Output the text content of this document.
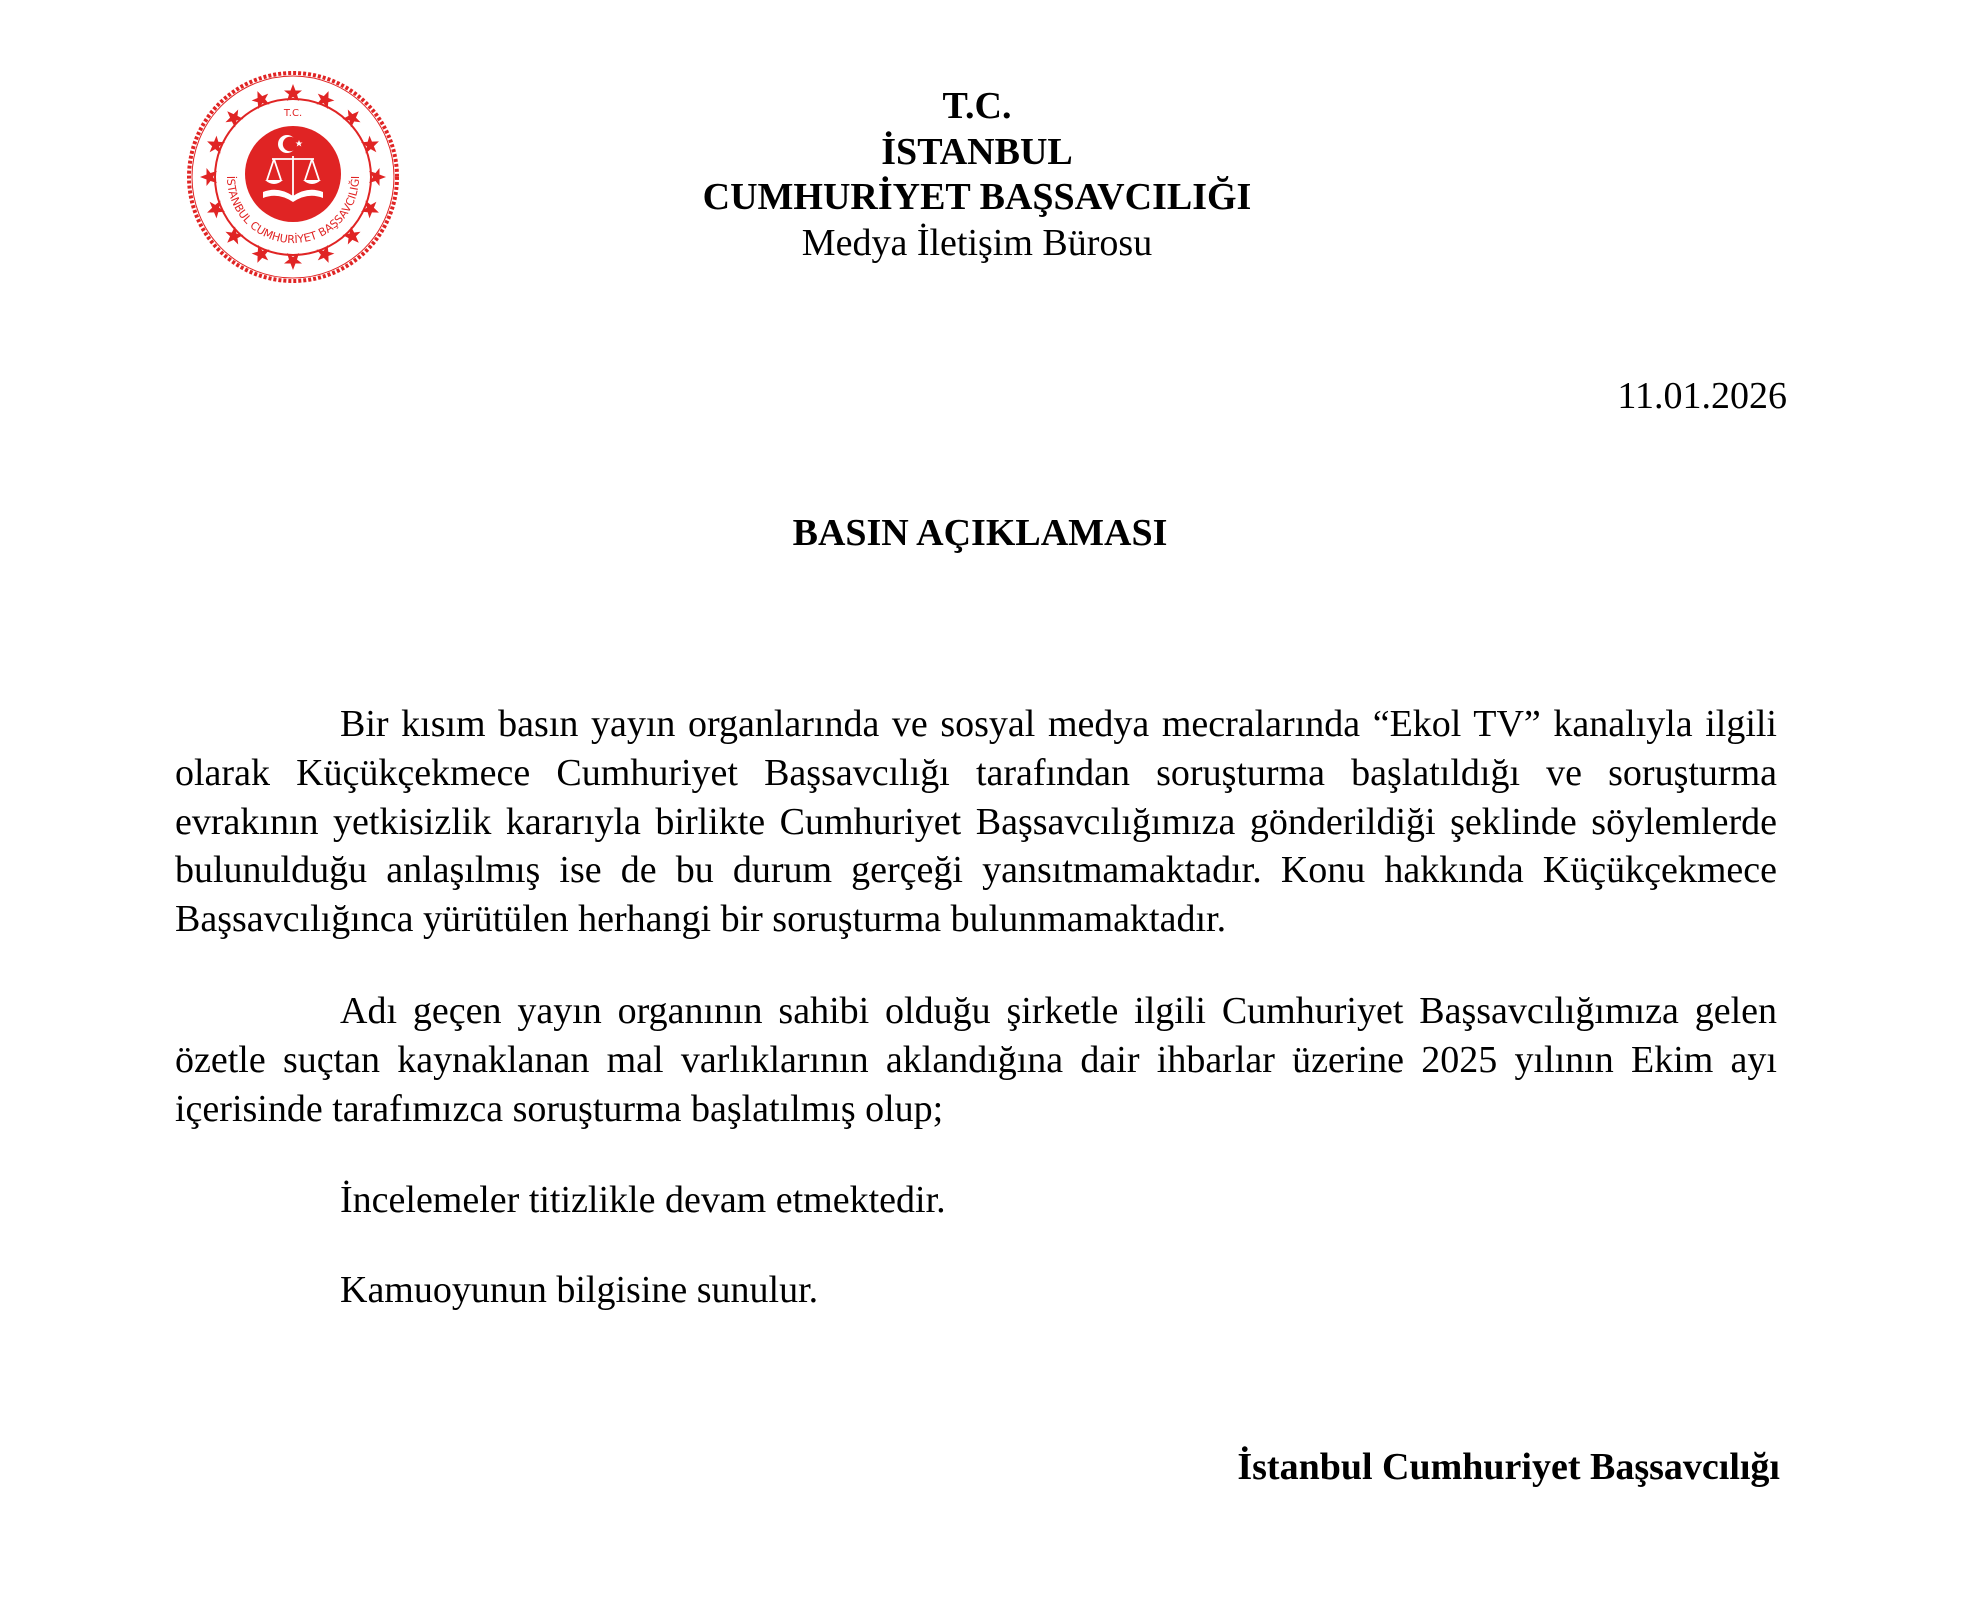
İSTANBUL CUMHURİYET BAŞSAVCILIĞI
T.C.	T.C.
İSTANBUL
CUMHURİYET BAŞSAVCILIĞI
Medya İletişim Bürosu
11.01.2026
BASIN AÇIKLAMASI

Bir kısım basın yayın organlarında ve sosyal medya mecralarında “Ekol TV” kanalıyla ilgili olarak Küçükçekmece Cumhuriyet Başsavcılığı tarafından soruşturma başlatıldığı ve soruşturma evrakının yetkisizlik kararıyla birlikte Cumhuriyet Başsavcılığımıza gönderildiği şeklinde söylemlerde bulunulduğu anlaşılmış ise de bu durum gerçeği yansıtmamaktadır. Konu hakkında Küçükçekmece Başsavcılığınca yürütülen herhangi bir soruşturma bulunmamaktadır.

Adı geçen yayın organının sahibi olduğu şirketle ilgili Cumhuriyet Başsavcılığımıza gelen özetle suçtan kaynaklanan mal varlıklarının aklandığına dair ihbarlar üzerine 2025 yılının Ekim ayı içerisinde tarafımızca soruşturma başlatılmış olup;

İncelemeler titizlikle devam etmektedir.
Kamuoyunun bilgisine sunulur.
İstanbul Cumhuriyet Başsavcılığı
